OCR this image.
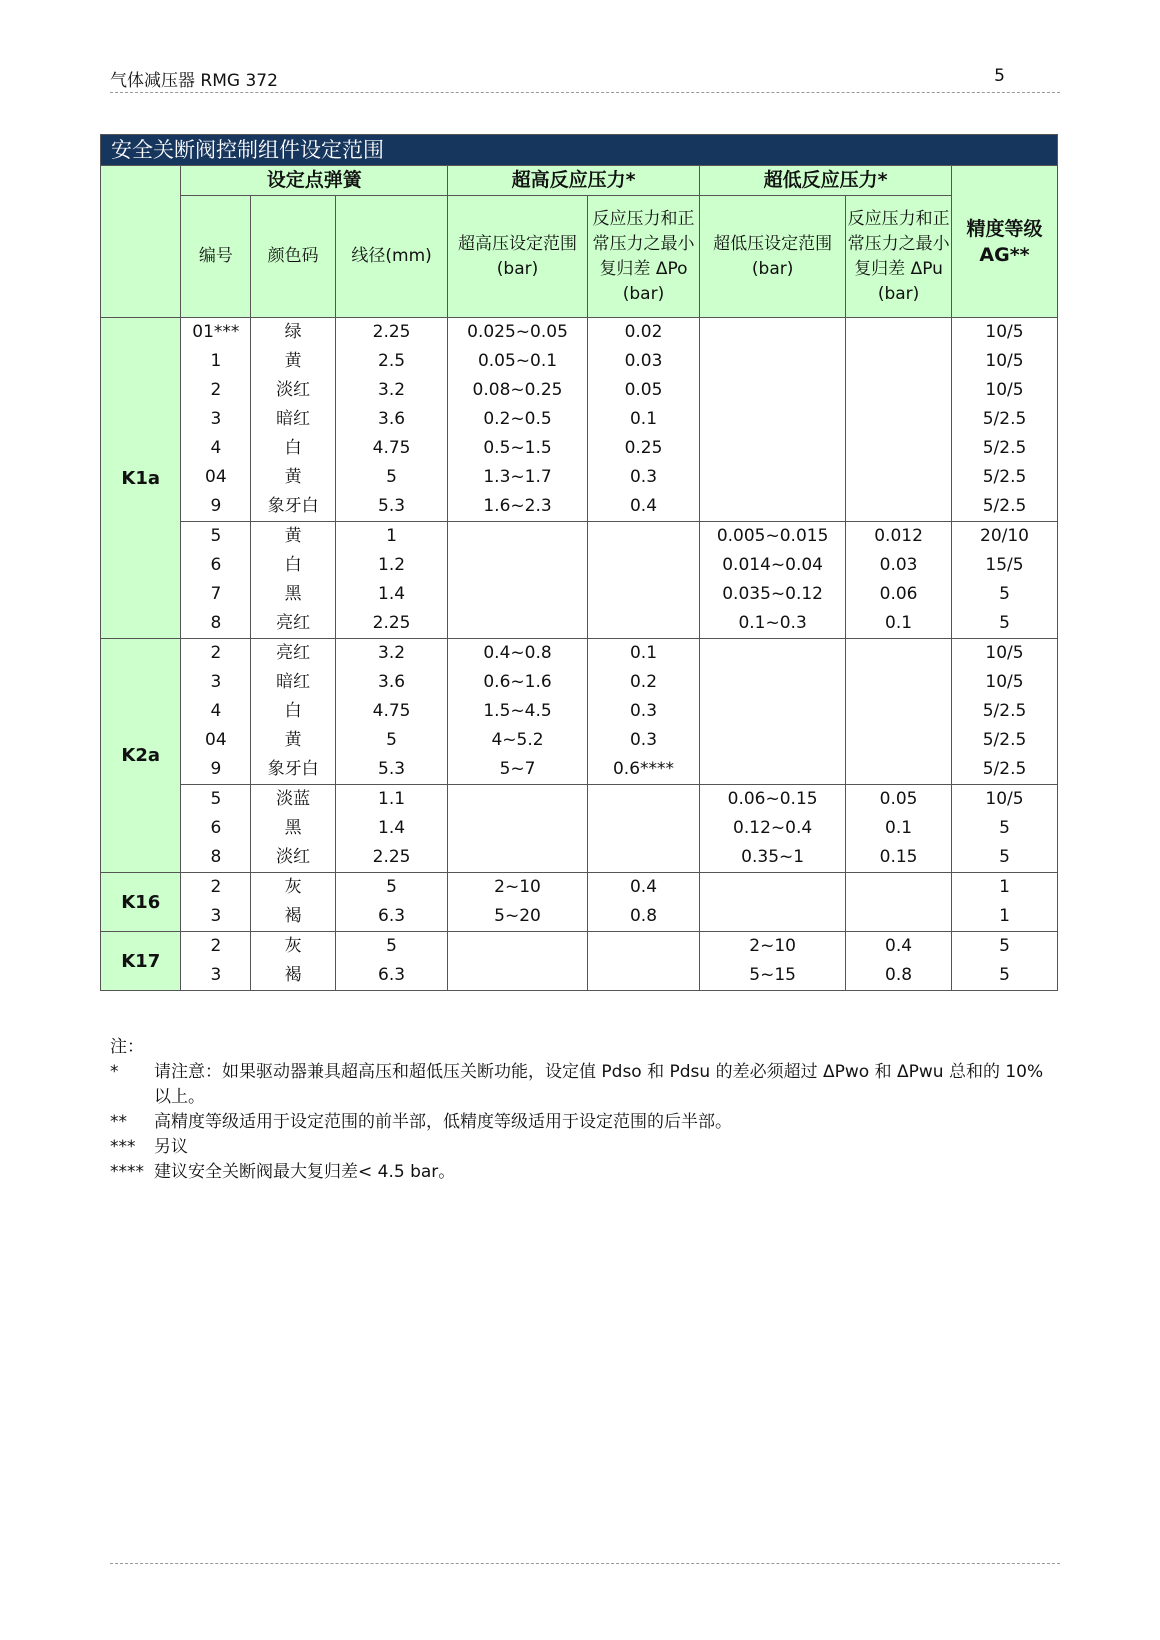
气体减压器 RMG 372	5
安全关断阀控制组件设定范围								
	设定点弹簧			超高反应压力*		超低反应压力*		精度等级 AG**
	编号	颜色码	线径(mm)	超高压设定范围(bar)	反应压力和正常压力之最小复归差 ΔPo (bar)	超低压设定范围(bar)	反应压力和正常压力之最小复归差 ΔPu (bar)	
K1a	01***	绿	2.25	0.025~0.05	0.02			10/5
	1	黄	2.5	0.05~0.1	0.03			10/5
	2	淡红	3.2	0.08~0.25	0.05			10/5
	3	暗红	3.6	0.2~0.5	0.1			5/2.5
	4	白	4.75	0.5~1.5	0.25			5/2.5
	04	黄	5	1.3~1.7	0.3			5/2.5
	9	象牙白	5.3	1.6~2.3	0.4			5/2.5
	5	黄	1			0.005~0.015	0.012	20/10
	6	白	1.2			0.014~0.04	0.03	15/5
	7	黑	1.4			0.035~0.12	0.06	5
	8	亮红	2.25			0.1~0.3	0.1	5
K2a	2	亮红	3.2	0.4~0.8	0.1			10/5
	3	暗红	3.6	0.6~1.6	0.2			10/5
	4	白	4.75	1.5~4.5	0.3			5/2.5
	04	黄	5	4~5.2	0.3			5/2.5
	9	象牙白	5.3	5~7	0.6****			5/2.5
	5	淡蓝	1.1			0.06~0.15	0.05	10/5
	6	黑	1.4			0.12~0.4	0.1	5
	8	淡红	2.25			0.35~1	0.15	5
K16	2	灰	5	2~10	0.4			1
	3	褐	6.3	5~20	0.8			1
K17	2	灰	5			2~10	0.4	5
	3	褐	6.3			5~15	0.8	5
注：
*	请注意：如果驱动器兼具超高压和超低压关断功能，设定值 Pdso 和 Pdsu 的差必须超过 ΔPwo 和 ΔPwu 总和的 10%以上。
**	高精度等级适用于设定范围的前半部，低精度等级适用于设定范围的后半部。
***	另议
**** 建议安全关断阀最大复归差< 4.5 bar。
